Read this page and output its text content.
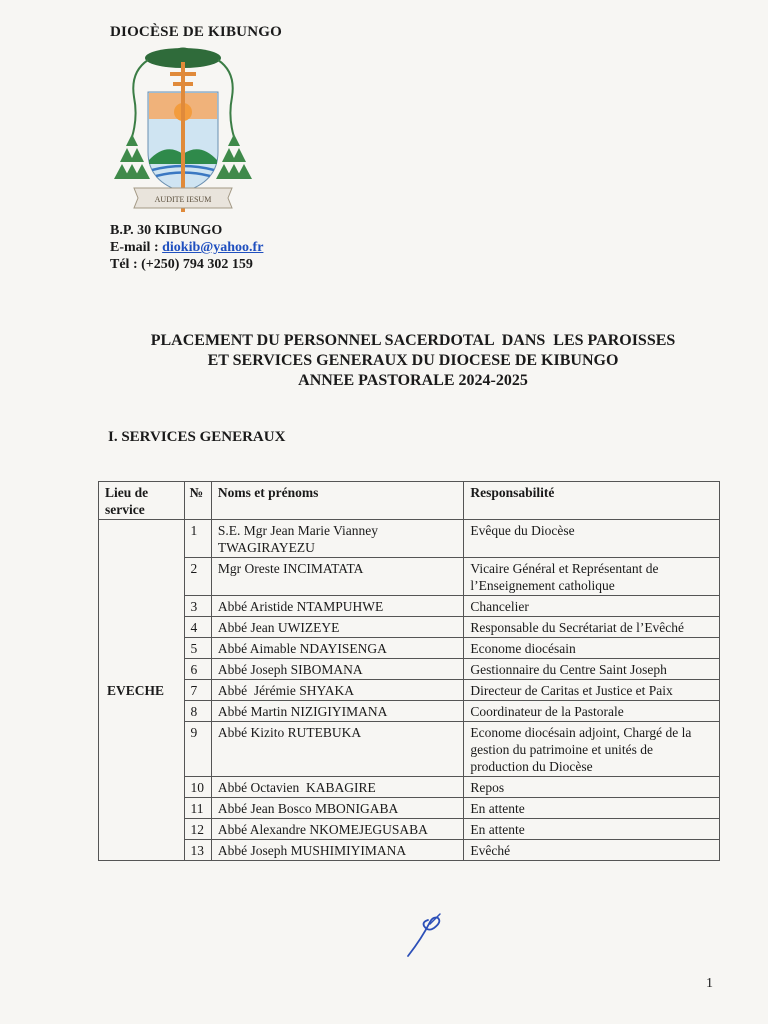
DIOCÈSE DE KIBUNGO
AUDITE IESUM
B.P. 30 KIBUNGO
E-mail : diokib@yahoo.fr
Tél : (+250) 794 302 159
PLACEMENT DU PERSONNEL SACERDOTAL  DANS  LES PAROISSES
ET SERVICES GENERAUX DU DIOCESE DE KIBUNGO
ANNEE PASTORALE 2024-2025
I. SERVICES GENERAUX
Lieu de service	№	Noms et prénoms	Responsabilité
EVECHE	1	S.E. Mgr Jean Marie Vianney TWAGIRAYEZU	Evêque du Diocèse
	2	Mgr Oreste INCIMATATA	Vicaire Général et Représentant de l’Enseignement catholique
	3	Abbé Aristide NTAMPUHWE	Chancelier
	4	Abbé Jean UWIZEYE	Responsable du Secrétariat de l’Evêché
	5	Abbé Aimable NDAYISENGA	Econome diocésain
	6	Abbé Joseph SIBOMANA	Gestionnaire du Centre Saint Joseph
	7	Abbé  Jérémie SHYAKA	Directeur de Caritas et Justice et Paix
	8	Abbé Martin NIZIGIYIMANA	Coordinateur de la Pastorale
	9	Abbé Kizito RUTEBUKA	Econome diocésain adjoint, Chargé de la gestion du patrimoine et unités de production du Diocèse
	10	Abbé Octavien  KABAGIRE	Repos
	11	Abbé Jean Bosco MBONIGABA	En attente
	12	Abbé Alexandre NKOMEJEGUSABA	En attente
	13	Abbé Joseph MUSHIMIYIMANA	Evêché
1
